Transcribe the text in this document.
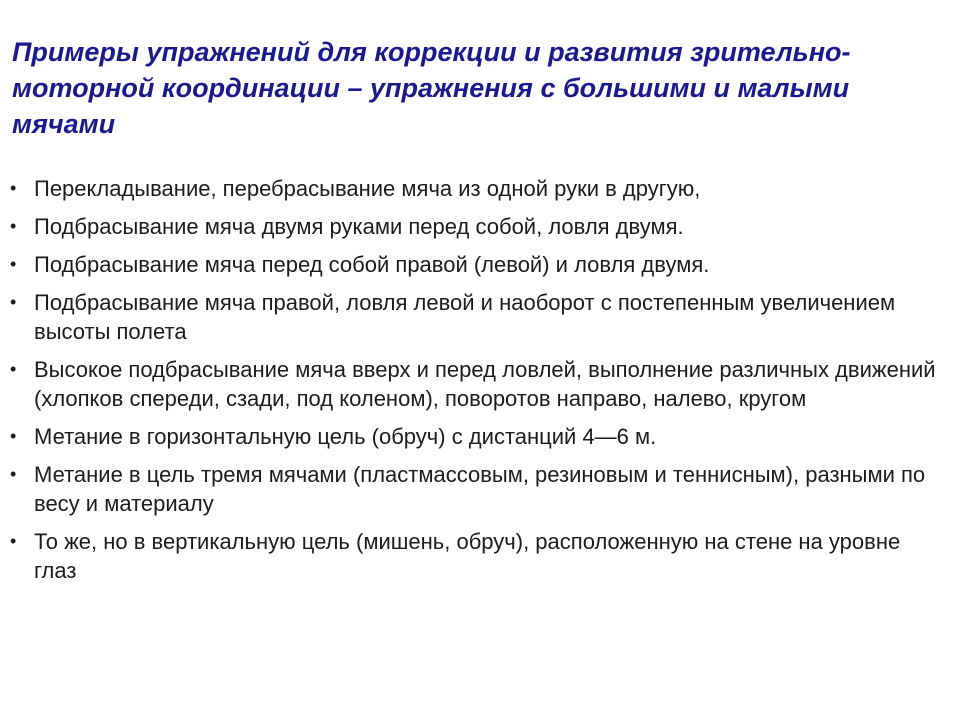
Примеры упражнений для коррекции и развития зрительно-моторной координации – упражнения с большими и малыми мячами
• Перекладывание, перебрасывание мяча из одной руки в другую,
• Подбрасывание мяча двумя руками перед собой, ловля двумя.
• Подбрасывание мяча перед собой правой (левой) и ловля двумя.
• Подбрасывание мяча правой, ловля левой и наоборот с постепенным увеличением высоты полета
• Высокое подбрасывание мяча вверх и перед ловлей, выполнение различных движений (хлопков спереди, сзади, под коленом), поворотов направо, налево, кругом
• Метание в горизонтальную цель (обруч) с дистанций 4—6 м.
• Метание в цель тремя мячами (пластмассовым, резиновым и теннисным), разными по весу и материалу
• То же, но в вертикальную цель (мишень, обруч), расположенную на стене на уровне глаз
